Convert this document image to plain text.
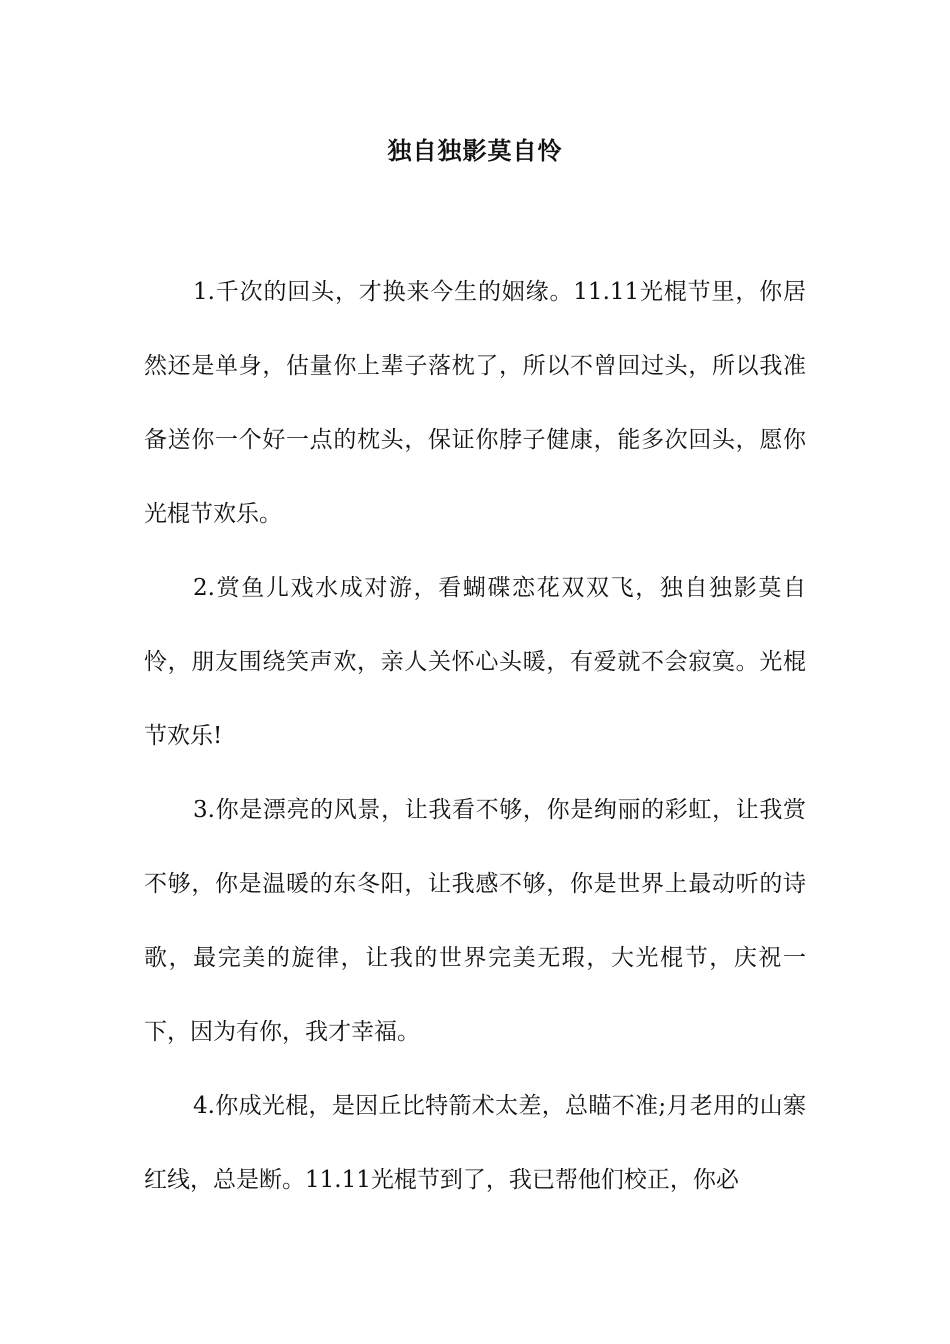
独自独影莫自怜

1.千次的回头，才换来今生的姻缘。11.11光棍节里，你居然还是单身，估量你上辈子落枕了，所以不曾回过头，所以我准备送你一个好一点的枕头，保证你脖子健康，能多次回头，愿你光棍节欢乐。

2.赏鱼儿戏水成对游，看蝴碟恋花双双飞，独自独影莫自怜，朋友围绕笑声欢，亲人关怀心头暖，有爱就不会寂寞。光棍节欢乐!

3.你是漂亮的风景，让我看不够，你是绚丽的彩虹，让我赏不够，你是温暖的东冬阳，让我感不够，你是世界上最动听的诗歌，最完美的旋律，让我的世界完美无瑕，大光棍节，庆祝一下，因为有你，我才幸福。

4.你成光棍，是因丘比特箭术太差，总瞄不准;月老用的山寨红线，总是断。11.11光棍节到了，我已帮他们校正，你必
